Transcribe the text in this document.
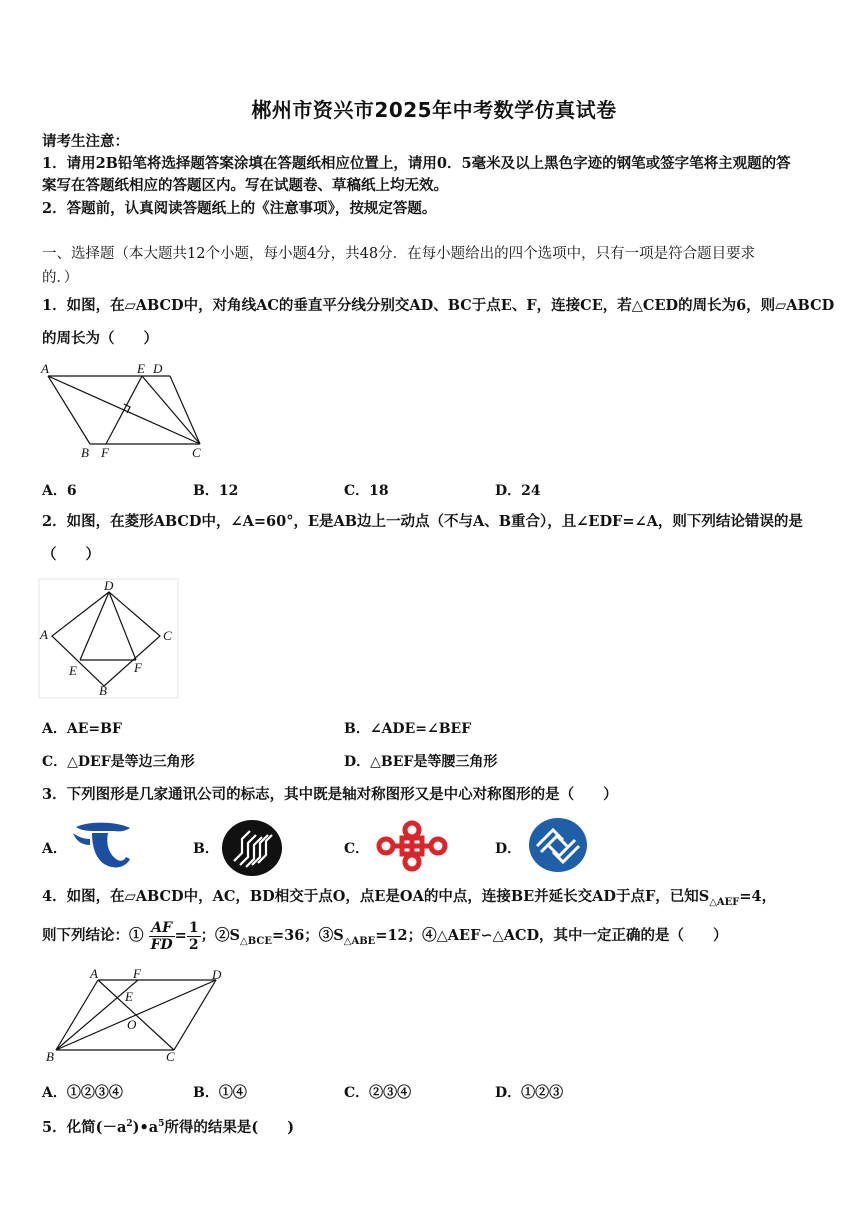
郴州市资兴市2025年中考数学仿真试卷
请考生注意：
1．请用2B铅笔将选择题答案涂填在答题纸相应位置上，请用0．5毫米及以上黑色字迹的钢笔或签字笔将主观题的答
案写在答题纸相应的答题区内。写在试题卷、草稿纸上均无效。
2．答题前，认真阅读答题纸上的《注意事项》，按规定答题。
一、选择题（本大题共12个小题，每小题4分，共48分．在每小题给出的四个选项中，只有一项是符合题目要求
的．）
1．如图，在▱ABCD中，对角线AC的垂直平分线分别交AD、BC于点E、F，连接CE，若△CED的周长为6，则▱ABCD
的周长为（　　）
A	E D
B F	C
A．6	B．12	C．18	D．24
2．如图，在菱形ABCD中，∠A=60°，E是AB边上一动点（不与A、B重合），且∠EDF=∠A，则下列结论错误的是
（　　）
D
A	C
E	F
B
A．AE=BF	B．∠ADE=∠BEF
C．△DEF是等边三角形	D．△BEF是等腰三角形
3．下列图形是几家通讯公司的标志，其中既是轴对称图形又是中心对称图形的是（　　）
A．	B．	C．	D．
4．如图，在▱ABCD中，AC，BD相交于点O，点E是OA的中点，连接BE并延长交AD于点F，已知$S_{\triangle AEF}=4$，
则下列结论：① $\frac{AF}{FD} = \frac{1}{2}$ ；$②S_{\triangle BCE}=36$；$③S_{\triangle ABE}=12$；④△AEF∽△ACD，其中一定正确的是（　　）
A	F	D
E
O
B	C
A．①②③④	B．①④	C．②③④	D．①②③
5．化简$(-a^2)•a^5$所得的结果是(　　)
